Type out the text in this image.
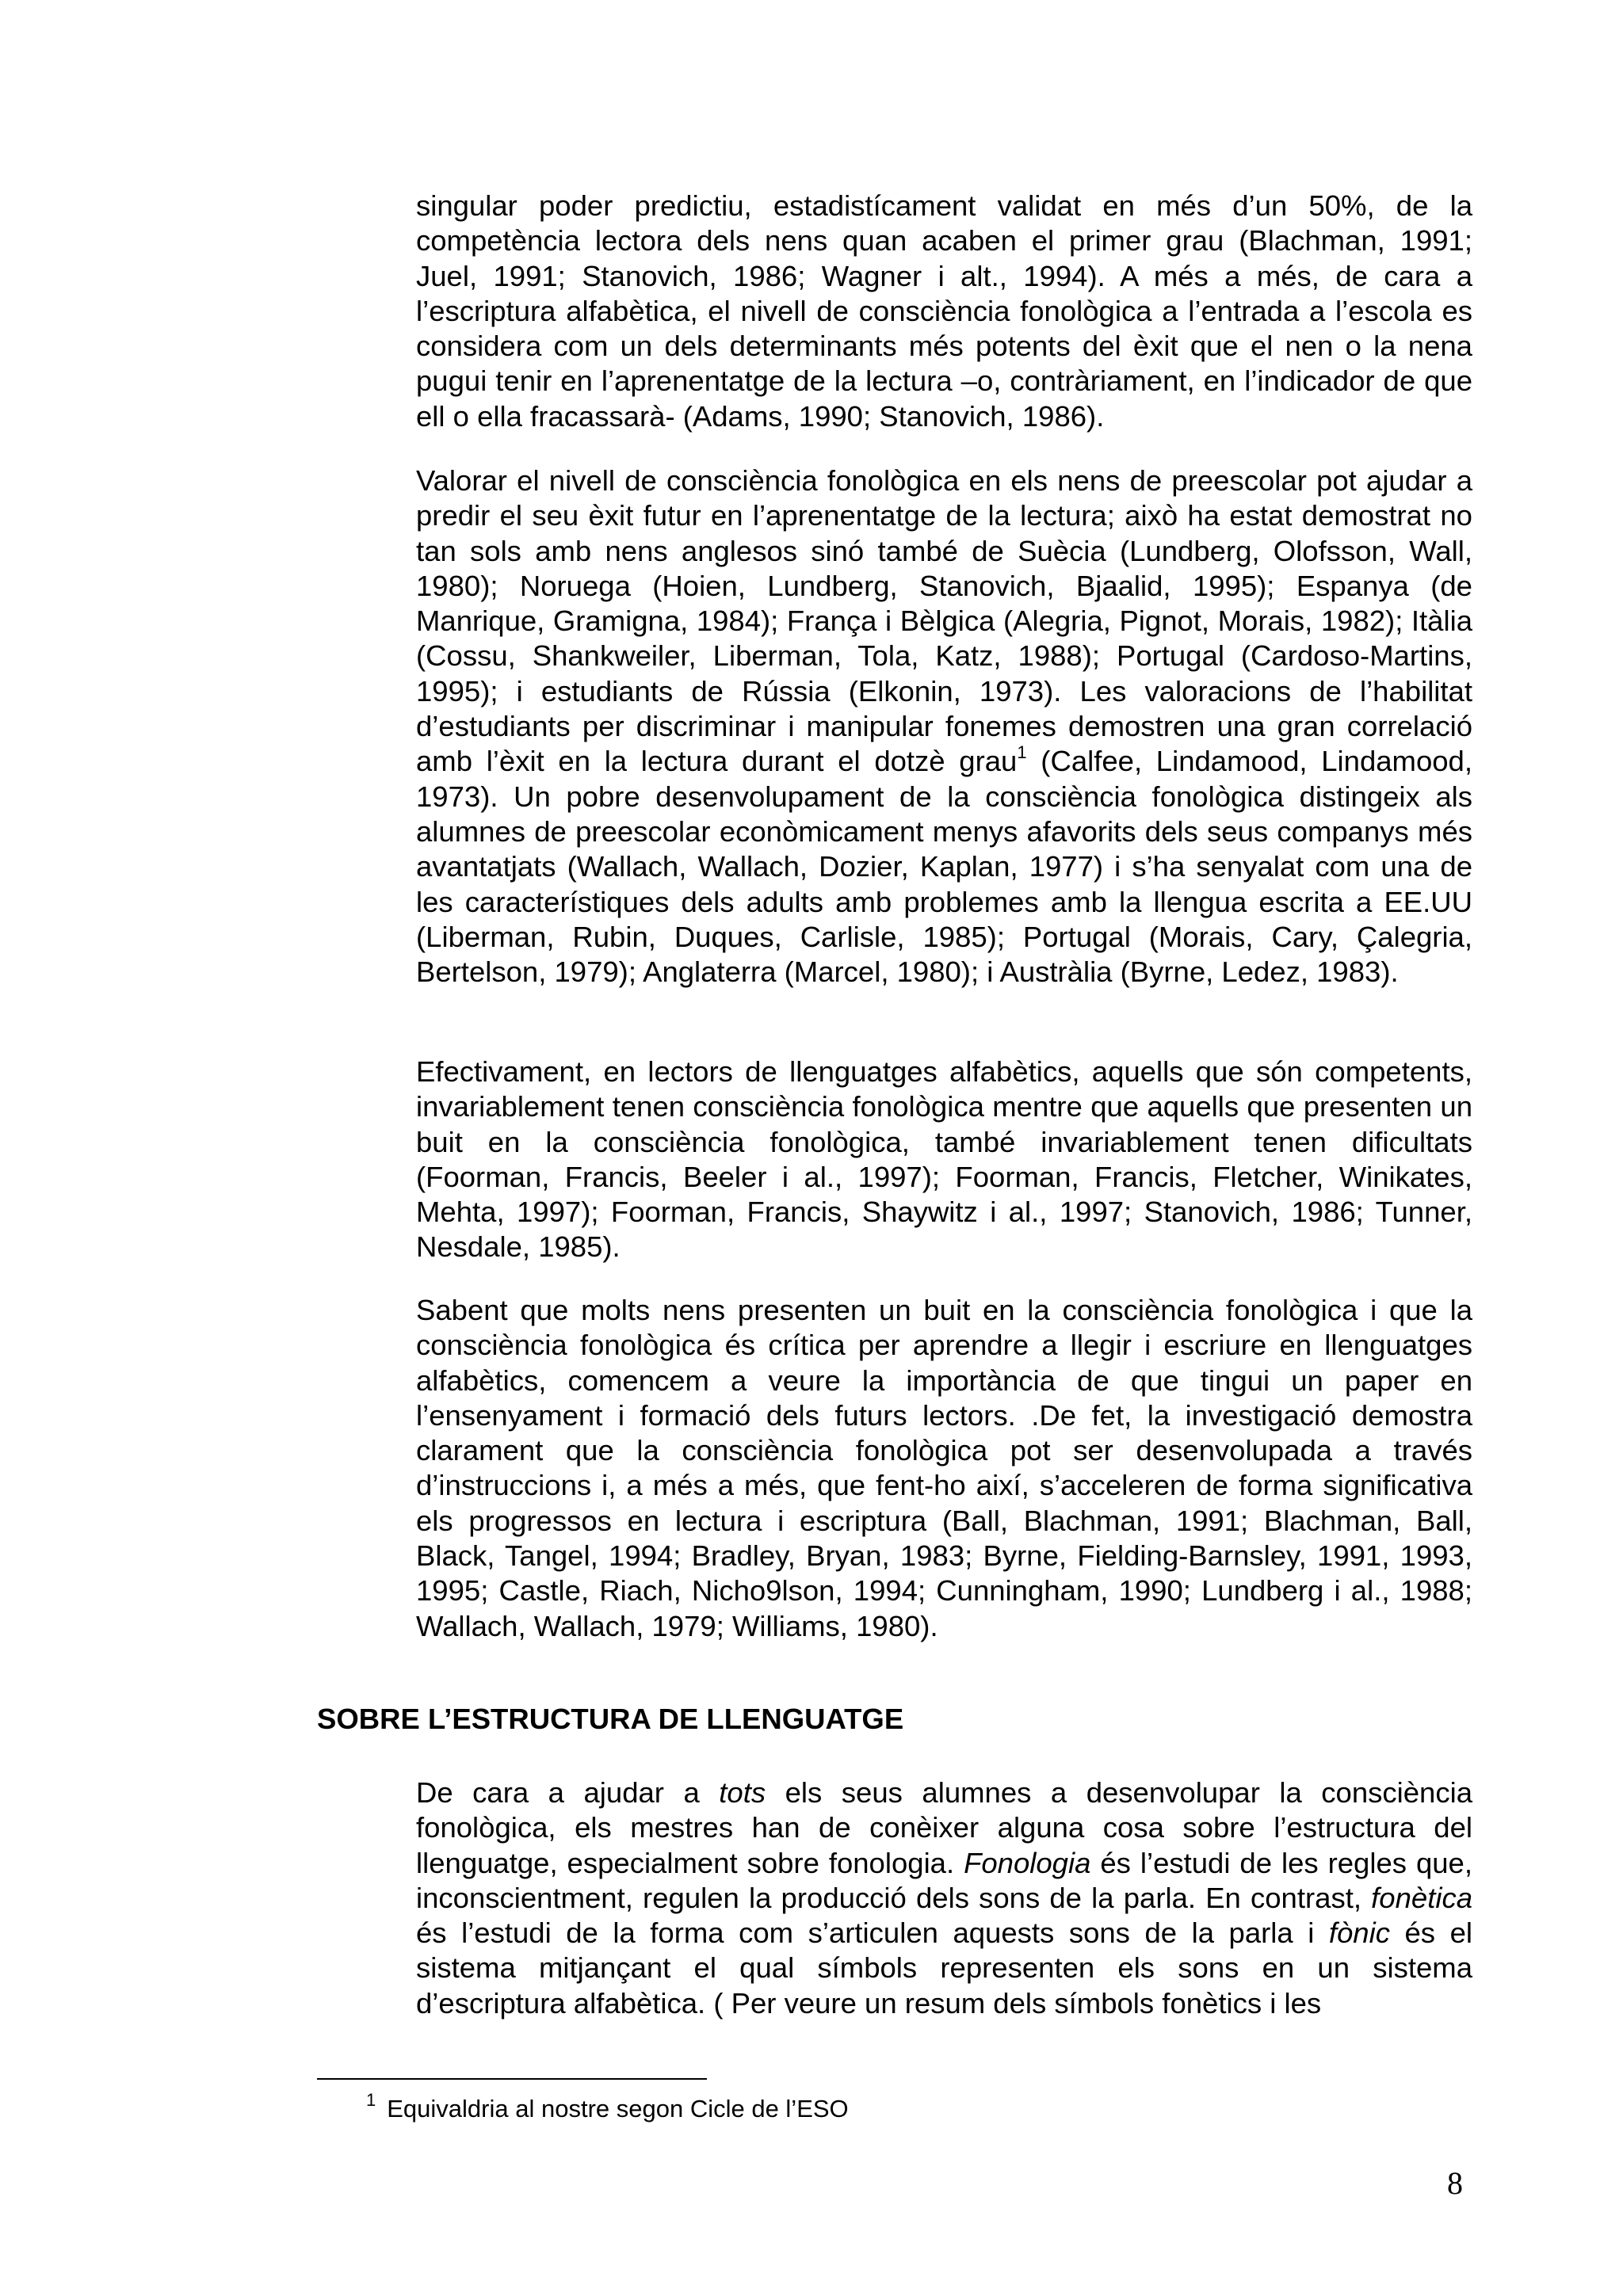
singular poder predictiu, estadistícament validat en més d’un 50%, de la competència lectora dels nens quan acaben el primer grau (Blachman, 1991; Juel, 1991; Stanovich, 1986; Wagner i alt., 1994). A més a més, de cara a l’escriptura alfabètica, el nivell de consciència fonològica a l’entrada a l’escola es considera com un dels determinants més potents del èxit que el nen o la nena pugui tenir en l’aprenentatge de la lectura –o, contràriament, en l’indicador de que ell o ella fracassarà- (Adams, 1990; Stanovich, 1986).

Valorar el nivell de consciència fonològica en els nens de preescolar pot ajudar a predir el seu èxit futur en l’aprenentatge de la lectura; això ha estat demostrat no tan sols amb nens anglesos sinó també de Suècia (Lundberg, Olofsson, Wall, 1980); Noruega (Hoien, Lundberg, Stanovich, Bjaalid, 1995); Espanya (de Manrique, Gramigna, 1984); França i Bèlgica (Alegria, Pignot, Morais, 1982); Itàlia (Cossu, Shankweiler, Liberman, Tola, Katz, 1988); Portugal (Cardoso-Martins, 1995); i estudiants de Rússia (Elkonin, 1973). Les valoracions de l’habilitat d’estudiants per discriminar i manipular fonemes demostren una gran correlació amb l’èxit en la lectura durant el dotzè grau$^1$ (Calfee, Lindamood, Lindamood, 1973). Un pobre desenvolupament de la consciència fonològica distingeix als alumnes de preescolar econòmicament menys afavorits dels seus companys més avantatjats (Wallach, Wallach, Dozier, Kaplan, 1977) i s’ha senyalat com una de les característiques dels adults amb problemes amb la llengua escrita a EE.UU (Liberman, Rubin, Duques, Carlisle, 1985); Portugal (Morais, Cary, Çalegria, Bertelson, 1979); Anglaterra (Marcel, 1980); i Austràlia (Byrne, Ledez, 1983).

Efectivament, en lectors de llenguatges alfabètics, aquells que són competents, invariablement tenen consciència fonològica mentre que aquells que presenten un buit en la consciència fonològica, també invariablement tenen dificultats (Foorman, Francis, Beeler i al., 1997); Foorman, Francis, Fletcher, Winikates, Mehta, 1997); Foorman, Francis, Shaywitz i al., 1997; Stanovich, 1986; Tunner, Nesdale, 1985).

Sabent que molts nens presenten un buit en la consciència fonològica i que la consciència fonològica és crítica per aprendre a llegir i escriure en llenguatges alfabètics, comencem a veure la importància de que tingui un paper en l’ensenyament i formació dels futurs lectors. .De fet, la investigació demostra clarament que la consciència fonològica pot ser desenvolupada a través d’instruccions i, a més a més, que fent-ho així, s’acceleren de forma significativa els progressos en lectura i escriptura (Ball, Blachman, 1991; Blachman, Ball, Black, Tangel, 1994; Bradley, Bryan, 1983; Byrne, Fielding-Barnsley, 1991, 1993, 1995; Castle, Riach, Nicho9lson, 1994; Cunningham, 1990; Lundberg i al., 1988; Wallach, Wallach, 1979; Williams, 1980).

SOBRE L’ESTRUCTURA DE LLENGUATGE

De cara a ajudar a tots els seus alumnes a desenvolupar la consciència fonològica, els mestres han de conèixer alguna cosa sobre l’estructura del llenguatge, especialment sobre fonologia. Fonologia és l’estudi de les regles que, inconscientment, regulen la producció dels sons de la parla. En contrast, fonètica és l’estudi de la forma com s’articulen aquests sons de la parla i fònic és el sistema mitjançant el qual símbols representen els sons en un sistema d’escriptura alfabètica. ( Per veure un resum dels símbols fonètics i les

$^1$ Equivaldria al nostre segon Cicle de l’ESO

8
